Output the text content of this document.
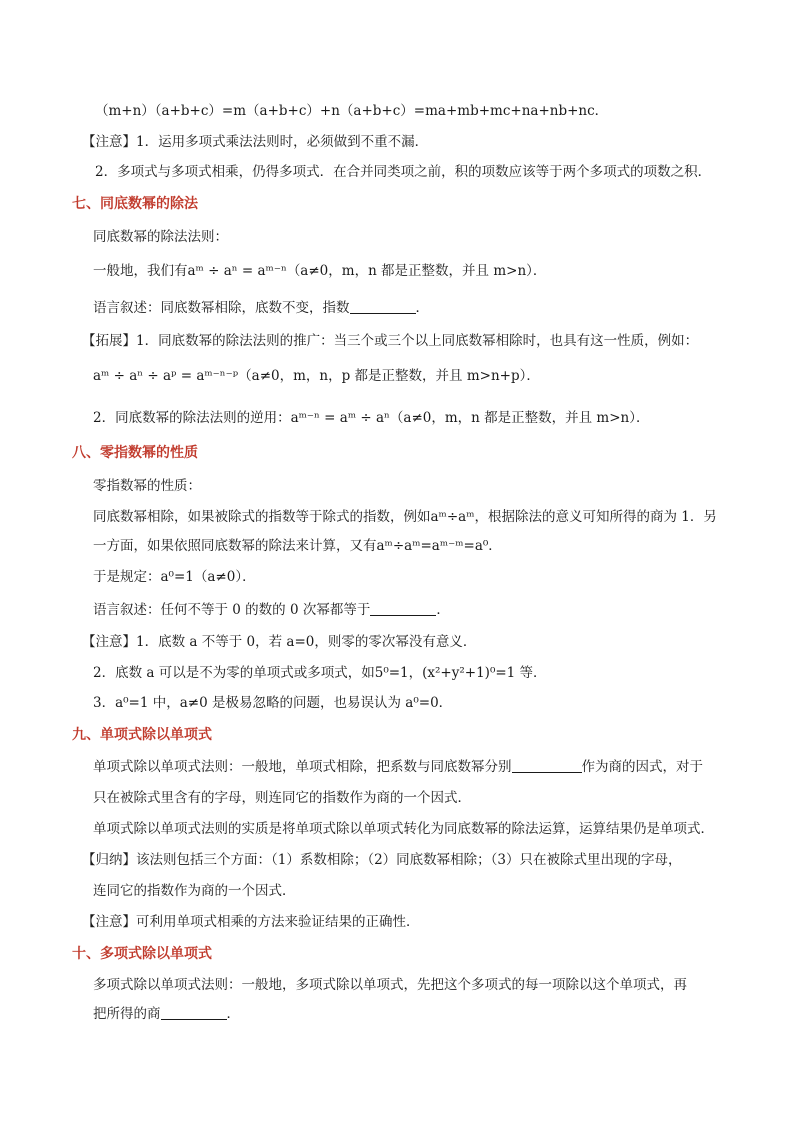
（m+n）（a+b+c）=m（a+b+c）+n（a+b+c）=ma+mb+mc+na+nb+nc．
【注意】1．运用多项式乘法法则时，必须做到不重不漏．
2．多项式与多项式相乘，仍得多项式．在合并同类项之前，积的项数应该等于两个多项式的项数之积．
七、同底数幂的除法
同底数幂的除法法则：
一般地，我们有aᵐ ÷ aⁿ = aᵐ⁻ⁿ（a≠0，m，n 都是正整数，并且 m>n）．
语言叙述：同底数幂相除，底数不变，指数	．
【拓展】1．同底数幂的除法法则的推广：当三个或三个以上同底数幂相除时，也具有这一性质，例如：
aᵐ ÷ aⁿ ÷ aᵖ = aᵐ⁻ⁿ⁻ᵖ（a≠0，m，n，p 都是正整数，并且 m>n+p）．
2．同底数幂的除法法则的逆用：aᵐ⁻ⁿ = aᵐ ÷ aⁿ（a≠0，m，n 都是正整数，并且 m>n）．
八、零指数幂的性质
零指数幂的性质：
同底数幂相除，如果被除式的指数等于除式的指数，例如aᵐ÷aᵐ，根据除法的意义可知所得的商为 1．另
一方面，如果依照同底数幂的除法来计算，又有aᵐ÷aᵐ=aᵐ⁻ᵐ=a⁰．
于是规定：a⁰=1（a≠0）．
语言叙述：任何不等于 0 的数的 0 次幂都等于	．
【注意】1．底数 a 不等于 0，若 a=0，则零的零次幂没有意义．
2．底数 a 可以是不为零的单项式或多项式，如5⁰=1，(x²+y²+1)⁰=1 等．
3．a⁰=1 中，a≠0 是极易忽略的问题，也易误认为 a⁰=0．
九、单项式除以单项式
单项式除以单项式法则：一般地，单项式相除，把系数与同底数幂分别	作为商的因式，对于
只在被除式里含有的字母，则连同它的指数作为商的一个因式．
单项式除以单项式法则的实质是将单项式除以单项式转化为同底数幂的除法运算，运算结果仍是单项式．
【归纳】该法则包括三个方面：（1）系数相除；（2）同底数幂相除；（3）只在被除式里出现的字母，
连同它的指数作为商的一个因式．
【注意】可利用单项式相乘的方法来验证结果的正确性．
十、多项式除以单项式
多项式除以单项式法则：一般地，多项式除以单项式，先把这个多项式的每一项除以这个单项式，再
把所得的商	．
